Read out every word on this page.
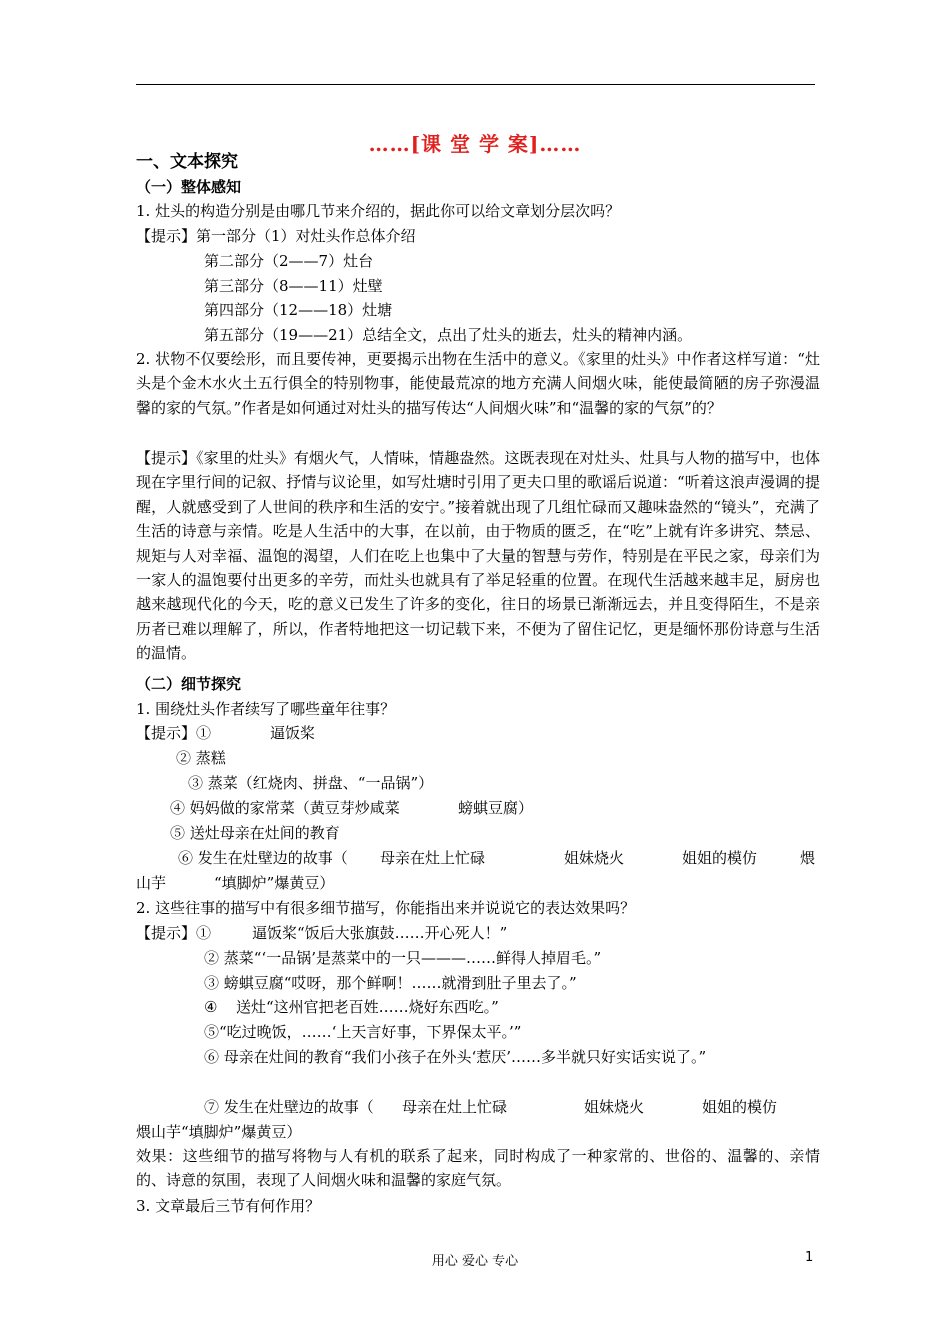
……[课 堂 学 案]……
一、文本探究
（一）整体感知
1. 灶头的构造分别是由哪几节来介绍的，据此你可以给文章划分层次吗？
【提示】第一部分（1）对灶头作总体介绍
第二部分（2——7）灶台
第三部分（8——11）灶壁
第四部分（12——18）灶塘
第五部分（19——21）总结全文，点出了灶头的逝去，灶头的精神内涵。
2. 状物不仅要绘形，而且要传神，更要揭示出物在生活中的意义。《家里的灶头》中作者这样写道：“灶头是个金木水火土五行俱全的特别物事，能使最荒凉的地方充满人间烟火味，能使最简陋的房子弥漫温馨的家的气氛。”作者是如何通过对灶头的描写传达“人间烟火味”和“温馨的家的气氛”的？
【提示】《家里的灶头》有烟火气，人情味，情趣盎然。这既表现在对灶头、灶具与人物的描写中，也体现在字里行间的记叙、抒情与议论里，如写灶塘时引用了更夫口里的歌谣后说道：“听着这浪声漫调的提醒，人就感受到了人世间的秩序和生活的安宁。”接着就出现了几组忙碌而又趣味盎然的“镜头”，充满了生活的诗意与亲情。吃是人生活中的大事，在以前，由于物质的匮乏，在“吃”上就有许多讲究、禁忌、规矩与人对幸福、温饱的渴望，人们在吃上也集中了大量的智慧与劳作，特别是在平民之家，母亲们为一家人的温饱要付出更多的辛劳，而灶头也就具有了举足轻重的位置。在现代生活越来越丰足，厨房也越来越现代化的今天，吃的意义已发生了许多的变化，往日的场景已渐渐远去，并且变得陌生，不是亲历者已难以理解了，所以，作者特地把这一切记载下来，不便为了留住记忆，更是缅怀那份诗意与生活的温情。
（二）细节探究
1. 围绕灶头作者续写了哪些童年往事？
【提示】①	逼饭桨
② 蒸糕
③ 蒸菜（红烧肉、拼盘、“一品锅”）
④ 妈妈做的家常菜（黄豆芽炒咸菜	螃蜞豆腐）
⑤ 送灶母亲在灶间的教育
⑥ 发生在灶壁边的故事（ 母亲在灶上忙碌	姐妹烧火	姐姐的模仿	煨
山芋	“填脚炉”爆黄豆）
2. 这些往事的描写中有很多细节描写，你能指出来并说说它的表达效果吗？
【提示】①	逼饭桨“饭后大张旗鼓……开心死人！”
② 蒸菜“‘一品锅’是蒸菜中的一只———……鲜得人掉眉毛。”
③ 螃蜞豆腐“哎呀，那个鲜啊！……就滑到肚子里去了。”
④ 送灶“这州官把老百姓……烧好东西吃。”
⑤“吃过晚饭，……‘上天言好事，下界保太平。’”
⑥ 母亲在灶间的教育“我们小孩子在外头‘惹厌’……多半就只好实话实说了。”
⑦ 发生在灶壁边的故事（ 母亲在灶上忙碌	姐妹烧火	姐姐的模仿
煨山芋“填脚炉”爆黄豆）
效果：这些细节的描写将物与人有机的联系了起来，同时构成了一种家常的、世俗的、温馨的、亲情的、诗意的氛围，表现了人间烟火味和温馨的家庭气氛。
3. 文章最后三节有何作用？
用心 爱心 专心	1
